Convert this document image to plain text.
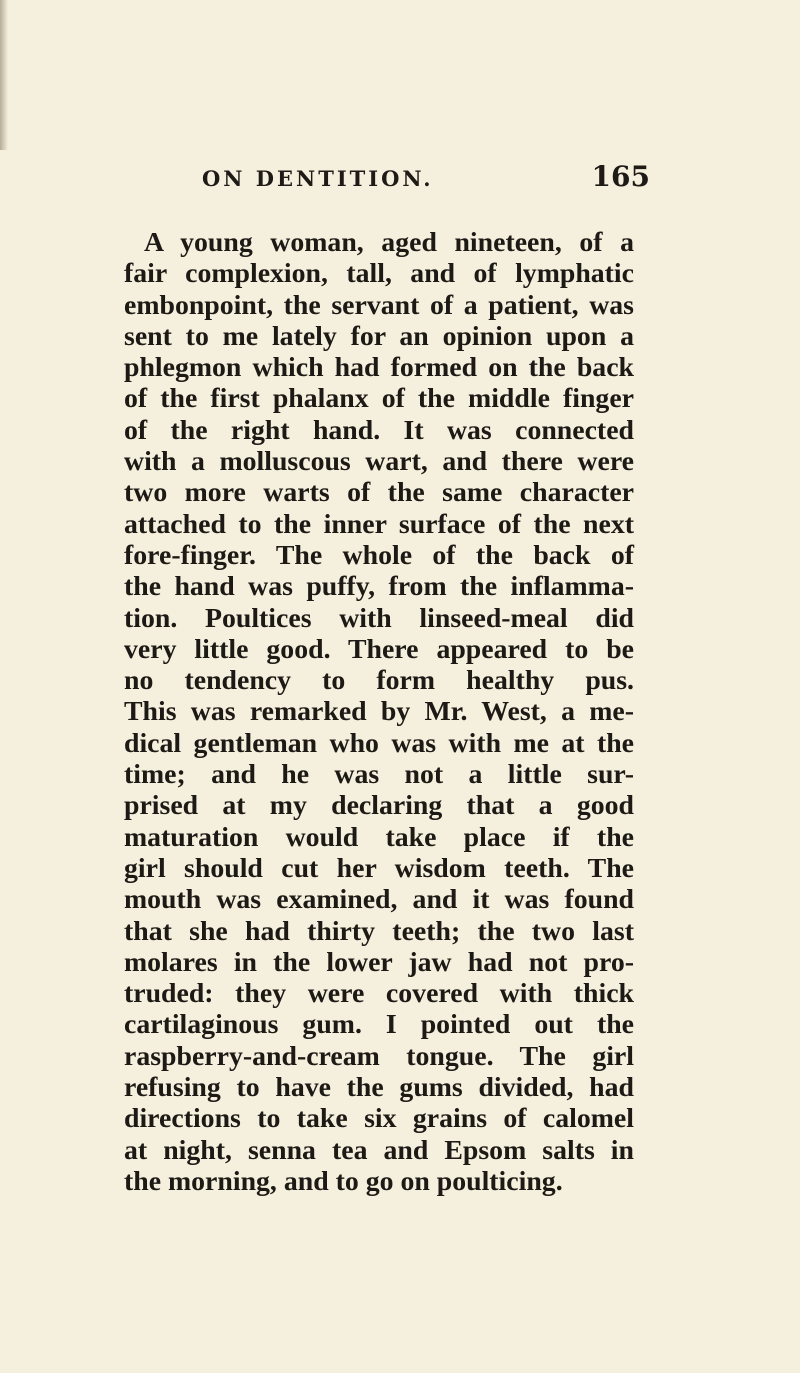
ON DENTITION.	165
A young woman, aged nineteen, of a
fair complexion, tall, and of lymphatic
embonpoint, the servant of a patient, was
sent to me lately for an opinion upon a
phlegmon which had formed on the back
of the first phalanx of the middle finger
of the right hand. It was connected
with a molluscous wart, and there were
two more warts of the same character
attached to the inner surface of the next
fore-finger. The whole of the back of
the hand was puffy, from the inflamma-
tion. Poultices with linseed-meal did
very little good. There appeared to be
no tendency to form healthy pus.
This was remarked by Mr. West, a me-
dical gentleman who was with me at the
time; and he was not a little sur-
prised at my declaring that a good
maturation would take place if the
girl should cut her wisdom teeth. The
mouth was examined, and it was found
that she had thirty teeth; the two last
molares in the lower jaw had not pro-
truded: they were covered with thick
cartilaginous gum. I pointed out the
raspberry-and-cream tongue. The girl
refusing to have the gums divided, had
directions to take six grains of calomel
at night, senna tea and Epsom salts in
the morning, and to go on poulticing.
